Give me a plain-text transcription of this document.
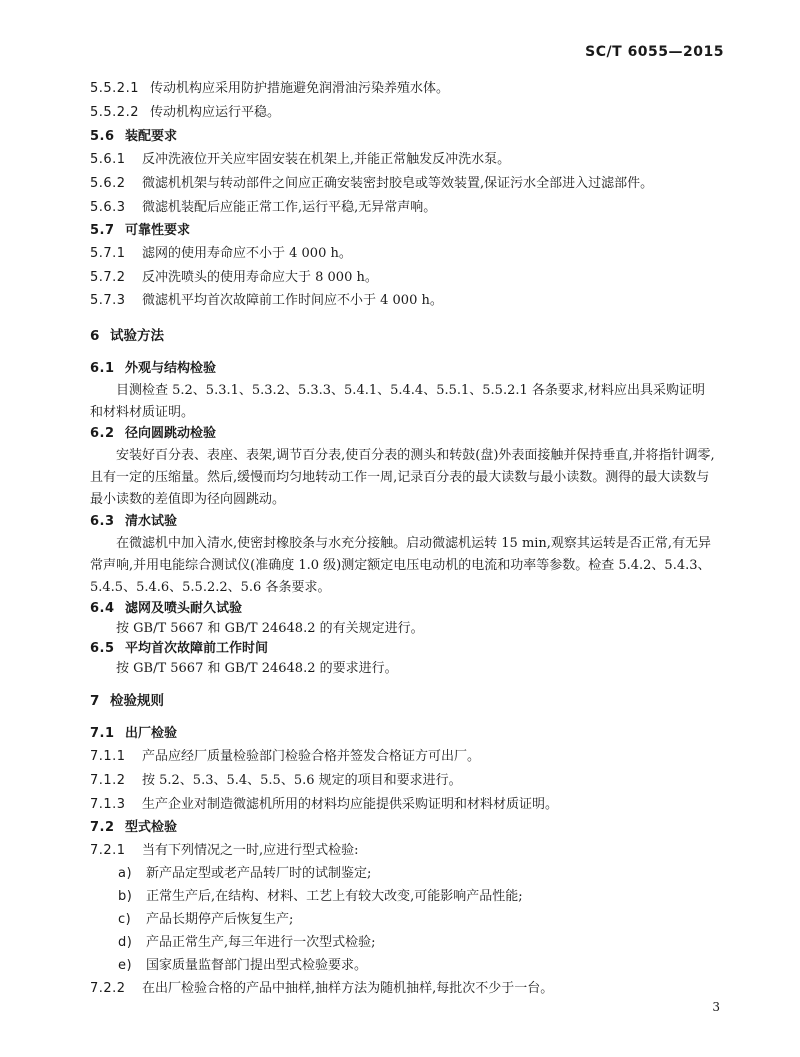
SC/T 6055—2015
5.5.2.1 传动机构应采用防护措施避免润滑油污染养殖水体。
5.5.2.2 传动机构应运行平稳。
5.6 装配要求
5.6.1 反冲洗液位开关应牢固安装在机架上,并能正常触发反冲洗水泵。
5.6.2 微滤机机架与转动部件之间应正确安装密封胶皂或等效装置,保证污水全部进入过滤部件。
5.6.3 微滤机装配后应能正常工作,运行平稳,无异常声响。
5.7 可靠性要求
5.7.1 滤网的使用寿命应不小于 4 000 h。
5.7.2 反冲洗喷头的使用寿命应大于 8 000 h。
5.7.3 微滤机平均首次故障前工作时间应不小于 4 000 h。
6 试验方法
6.1 外观与结构检验
目测检查 5.2、5.3.1、5.3.2、5.3.3、5.4.1、5.4.4、5.5.1、5.5.2.1 各条要求,材料应出具采购证明和材料材质证明。
6.2 径向圆跳动检验
安装好百分表、表座、表架,调节百分表,使百分表的测头和转鼓(盘)外表面接触并保持垂直,并将指针调零,且有一定的压缩量。然后,缓慢而均匀地转动工作一周,记录百分表的最大读数与最小读数。测得的最大读数与最小读数的差值即为径向圆跳动。
6.3 清水试验
在微滤机中加入清水,使密封橡胶条与水充分接触。启动微滤机运转 15 min,观察其运转是否正常,有无异常声响,并用电能综合测试仪(准确度 1.0 级)测定额定电压电动机的电流和功率等参数。检查 5.4.2、5.4.3、5.4.5、5.4.6、5.5.2.2、5.6 各条要求。
6.4 滤网及喷头耐久试验
按 GB/T 5667 和 GB/T 24648.2 的有关规定进行。
6.5 平均首次故障前工作时间
按 GB/T 5667 和 GB/T 24648.2 的要求进行。
7 检验规则
7.1 出厂检验
7.1.1 产品应经厂质量检验部门检验合格并签发合格证方可出厂。
7.1.2 按 5.2、5.3、5.4、5.5、5.6 规定的项目和要求进行。
7.1.3 生产企业对制造微滤机所用的材料均应能提供采购证明和材料材质证明。
7.2 型式检验
7.2.1 当有下列情况之一时,应进行型式检验:
a) 新产品定型或老产品转厂时的试制鉴定;
b) 正常生产后,在结构、材料、工艺上有较大改变,可能影响产品性能;
c) 产品长期停产后恢复生产;
d) 产品正常生产,每三年进行一次型式检验;
e) 国家质量监督部门提出型式检验要求。
7.2.2 在出厂检验合格的产品中抽样,抽样方法为随机抽样,每批次不少于一台。
3
